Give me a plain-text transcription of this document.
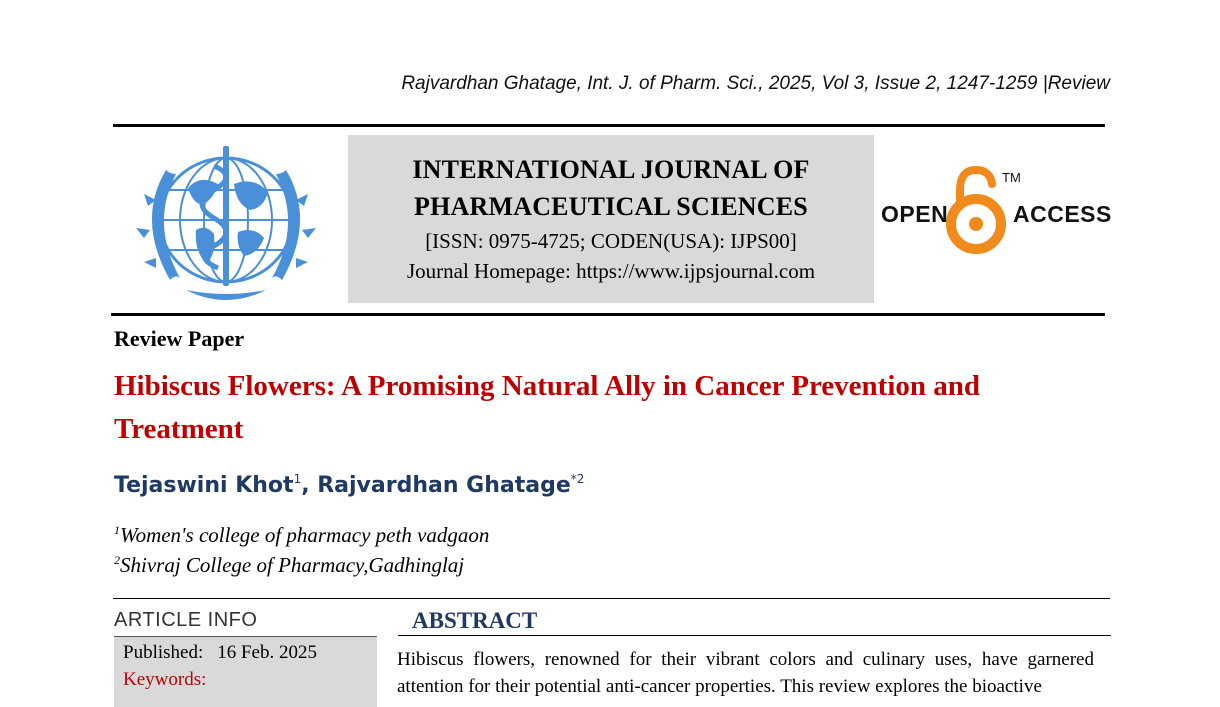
Rajvardhan Ghatage, Int. J. of Pharm. Sci., 2025, Vol 3, Issue 2, 1247-1259 |Review
INTERNATIONAL JOURNAL OF
PHARMACEUTICAL SCIENCES
[ISSN: 0975-4725; CODEN(USA): IJPS00]
Journal Homepage: https://www.ijpsjournal.com
OPEN	ACCESS
TM
Review Paper
Hibiscus Flowers: A Promising Natural Ally in Cancer Prevention and Treatment
Tejaswini Khot$^1$, Rajvardhan Ghatage$^{*2}$
$^1$Women's college of pharmacy peth vadgaon
$^2$Shivraj College of Pharmacy,Gadhinglaj
ARTICLE INFO
Published: 16 Feb. 2025
Keywords:
ABSTRACT
Hibiscus flowers, renowned for their vibrant colors and culinary uses, have garnered attention for their potential anti-cancer properties. This review explores the bioactive
